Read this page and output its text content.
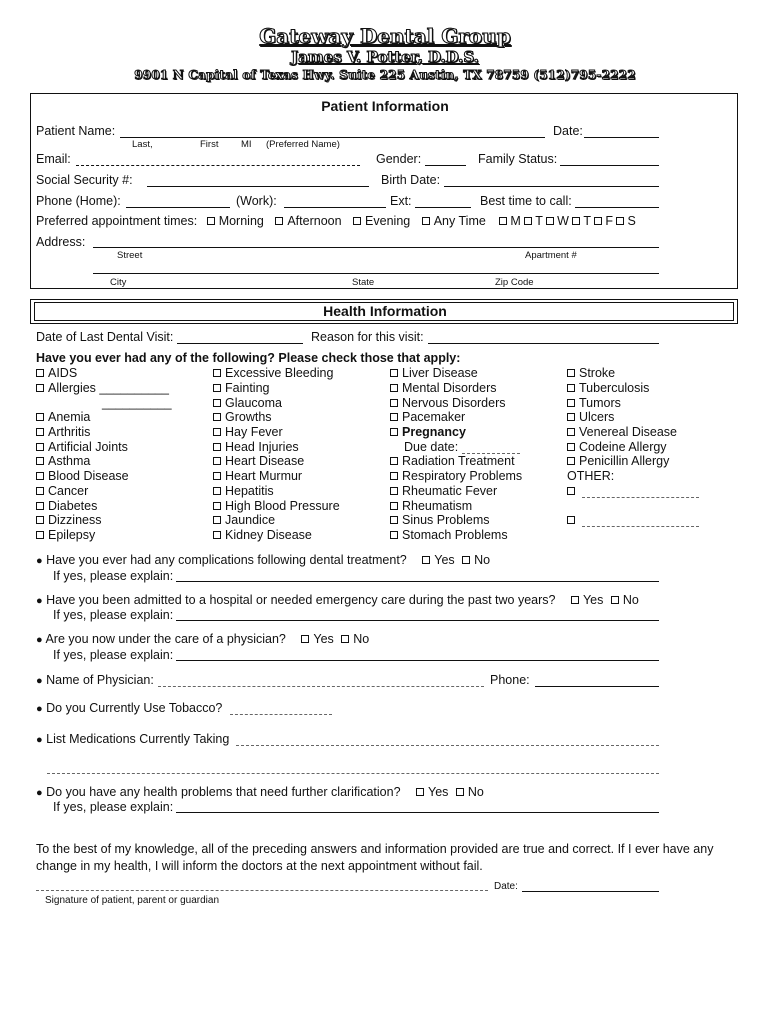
Gateway Dental Group
James V. Potter, D.D.S.
9901 N Capital of Texas Hwy. Suite 225 Austin, TX 78759 (512)795-2222
Patient Information
Patient Name:	Date:
Last,	First MI (Preferred Name)
Email:	Gender:	Family Status:
Social Security #:	Birth Date:
Phone (Home):	(Work):	Ext:	Best time to call:
Preferred appointment times: Morning Afternoon Evening Any Time M T W T F S
Address:
Street	Apartment #
City	State	Zip Code
Health Information
Date of Last Dental Visit:	Reason for this visit:
Have you ever had any of the following? Please check those that apply:
AIDS
Allergies __________
__________
Anemia
Arthritis
Artificial Joints
Asthma
Blood Disease
Cancer
Diabetes
Dizziness
Epilepsy
Excessive Bleeding
Fainting
Glaucoma
Growths
Hay Fever
Head Injuries
Heart Disease
Heart Murmur
Hepatitis
High Blood Pressure
Jaundice
Kidney Disease
Liver Disease
Mental Disorders
Nervous Disorders
Pacemaker
Pregnancy
Due date:
Radiation Treatment
Respiratory Problems
Rheumatic Fever
Rheumatism
Sinus Problems
Stomach Problems
Stroke
Tuberculosis
Tumors
Ulcers
Venereal Disease
Codeine Allergy
Penicillin Allergy
OTHER:
● Have you ever had any complications following dental treatment? Yes No
If yes, please explain:
● Have you been admitted to a hospital or needed emergency care during the past two years? Yes No
If yes, please explain:
● Are you now under the care of a physician? Yes No
If yes, please explain:
● Name of Physician:	Phone:
● Do you Currently Use Tobacco?
● List Medications Currently Taking
● Do you have any health problems that need further clarification? Yes No
If yes, please explain:
To the best of my knowledge, all of the preceding answers and information provided are true and correct. If I ever have any change in my health, I will inform the doctors at the next appointment without fail.
Date:
Signature of patient, parent or guardian
